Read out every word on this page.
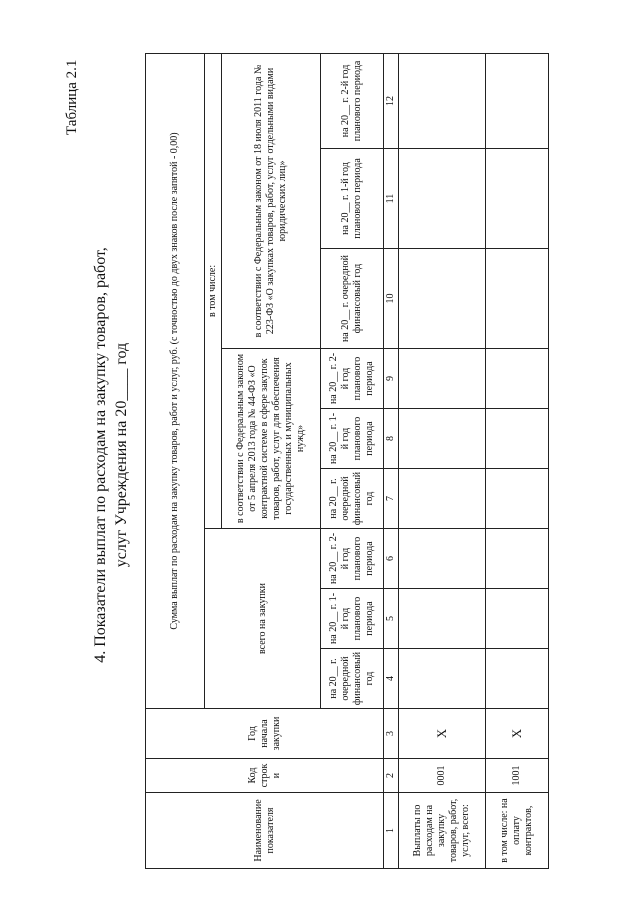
Таблица 2.1
4. Показатели выплат по расходам на закупку товаров, работ, услуг Учреждения на 20____ год
Наименование показателя	Код строки	Год начала закупки	Сумма выплат по расходам на закупку товаров, работ и услуг, руб. (с точностью до двух знаков после запятой - 0,00)								
			всего на закупки			в том числе:					
						в соответствии с Федеральным законом от 5 апреля 2013 года № 44-ФЗ «О контрактной системе в сфере закупок товаров, работ, услуг для обеспечения государственных и муниципальных нужд»			в соответствии с Федеральным законом от 18 июля 2011 года № 223-ФЗ «О закупках товаров, работ, услуг отдельными видами юридических лиц»		
			на 20__ г. очередной финансовый год	на 20__ г. 1-й год планового периода	на 20__ г. 2-й год планового периода	на 20__ г. очередной финансовый год	на 20__ г. 1-й год планового периода	на 20__ г. 2-й год планового периода	на 20__ г. очередной финансовый год	на 20__ г. 1-й год планового периода	на 20__ г. 2-й год планового периода
1	2	3	4	5	6	7	8	9	10	11	12
Выплаты по расходам на закупку товаров, работ, услуг, всего:	0001	X									
в том числе: на оплату контрактов,	1001	X									
